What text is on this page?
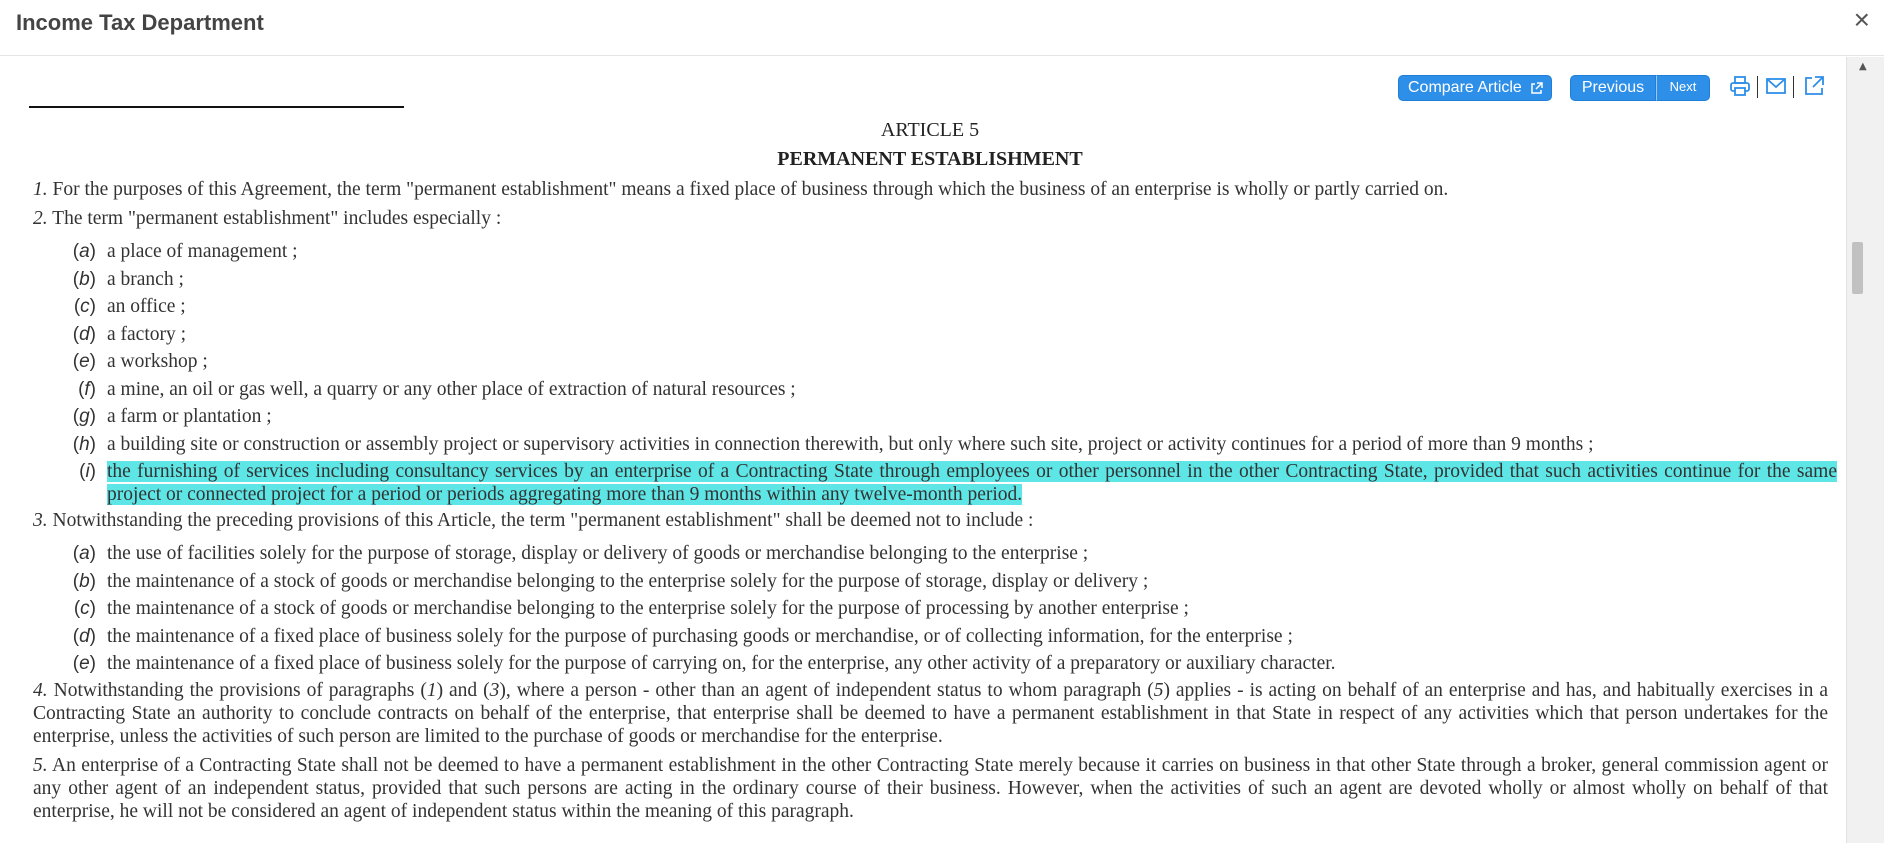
Income Tax Department	×
Compare Article	Previous	Next
ARTICLE 5
PERMANENT ESTABLISHMENT
1. For the purposes of this Agreement, the term "permanent establishment" means a fixed place of business through which the business of an enterprise is wholly or partly carried on.
2. The term "permanent establishment" includes especially :
(a) a place of management ;
(b) a branch ;
(c) an office ;
(d) a factory ;
(e) a workshop ;
(f) a mine, an oil or gas well, a quarry or any other place of extraction of natural resources ;
(g) a farm or plantation ;
(h) a building site or construction or assembly project or supervisory activities in connection therewith, but only where such site, project or activity continues for a period of more than 9 months ;
(i) the furnishing of services including consultancy services by an enterprise of a Contracting State through employees or other personnel in the other Contracting State, provided that such activities continue for the same project or connected project for a period or periods aggregating more than 9 months within any twelve-month period.
3. Notwithstanding the preceding provisions of this Article, the term "permanent establishment" shall be deemed not to include :
(a) the use of facilities solely for the purpose of storage, display or delivery of goods or merchandise belonging to the enterprise ;
(b) the maintenance of a stock of goods or merchandise belonging to the enterprise solely for the purpose of storage, display or delivery ;
(c) the maintenance of a stock of goods or merchandise belonging to the enterprise solely for the purpose of processing by another enterprise ;
(d) the maintenance of a fixed place of business solely for the purpose of purchasing goods or merchandise, or of collecting information, for the enterprise ;
(e) the maintenance of a fixed place of business solely for the purpose of carrying on, for the enterprise, any other activity of a preparatory or auxiliary character.
4. Notwithstanding the provisions of paragraphs (1) and (3), where a person - other than an agent of independent status to whom paragraph (5) applies - is acting on behalf of an enterprise and has, and habitually exercises in a Contracting State an authority to conclude contracts on behalf of the enterprise, that enterprise shall be deemed to have a permanent establishment in that State in respect of any activities which that person undertakes for the enterprise, unless the activities of such person are limited to the purchase of goods or merchandise for the enterprise.
5. An enterprise of a Contracting State shall not be deemed to have a permanent establishment in the other Contracting State merely because it carries on business in that other State through a broker, general commission agent or any other agent of an independent status, provided that such persons are acting in the ordinary course of their business. However, when the activities of such an agent are devoted wholly or almost wholly on behalf of that enterprise, he will not be considered an agent of independent status within the meaning of this paragraph.
▲
